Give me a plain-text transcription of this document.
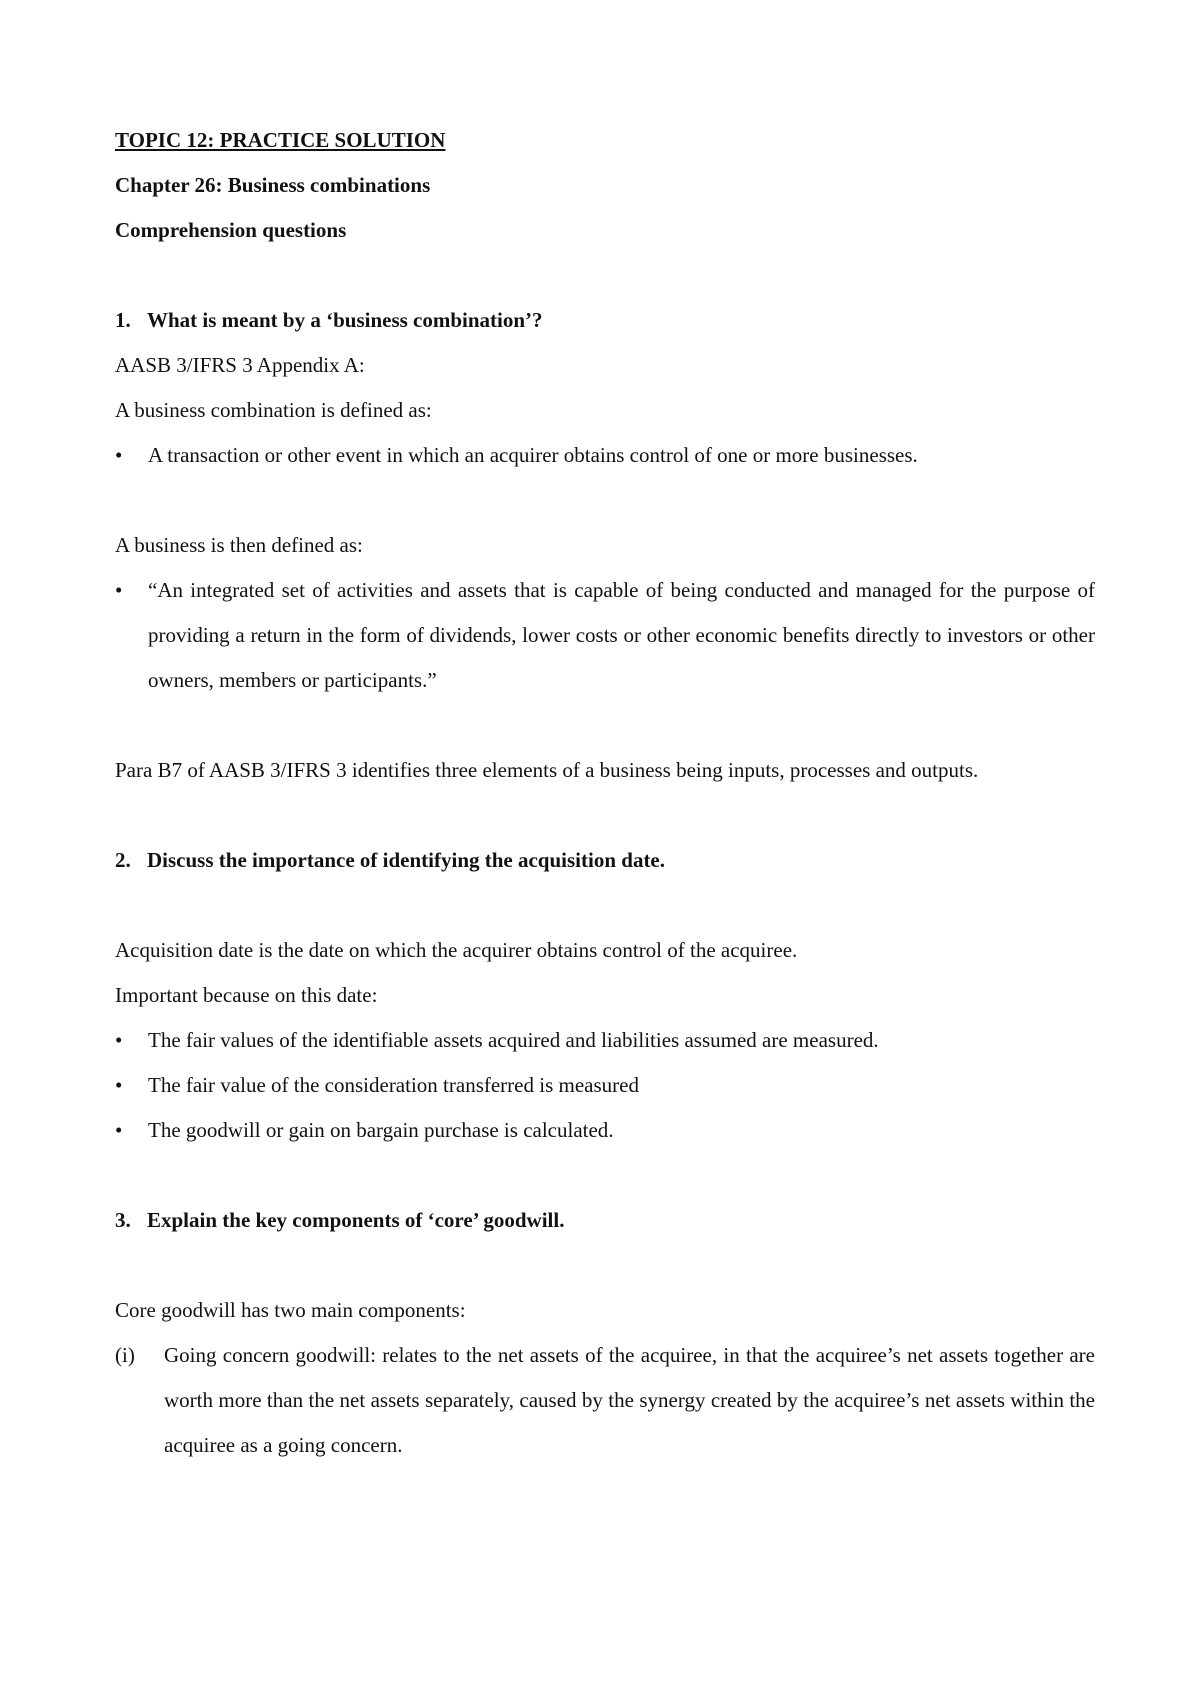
TOPIC 12: PRACTICE SOLUTION

Chapter 26: Business combinations

Comprehension questions

1. What is meant by a ‘business combination’?

AASB 3/IFRS 3 Appendix A:

A business combination is defined as:

•	A transaction or other event in which an acquirer obtains control of one or more businesses.

A business is then defined as:

•	“An integrated set of activities and assets that is capable of being conducted and managed for the purpose of providing a return in the form of dividends, lower costs or other economic benefits directly to investors or other owners, members or participants.”

Para B7 of AASB 3/IFRS 3 identifies three elements of a business being inputs, processes and outputs.

2. Discuss the importance of identifying the acquisition date.

Acquisition date is the date on which the acquirer obtains control of the acquiree.

Important because on this date:

•	The fair values of the identifiable assets acquired and liabilities assumed are measured.
•	The fair value of the consideration transferred is measured
•	The goodwill or gain on bargain purchase is calculated.

3. Explain the key components of ‘core’ goodwill.

Core goodwill has two main components:

(i)	Going concern goodwill: relates to the net assets of the acquiree, in that the acquiree’s net assets together are worth more than the net assets separately, caused by the synergy created by the acquiree’s net assets within the acquiree as a going concern.
